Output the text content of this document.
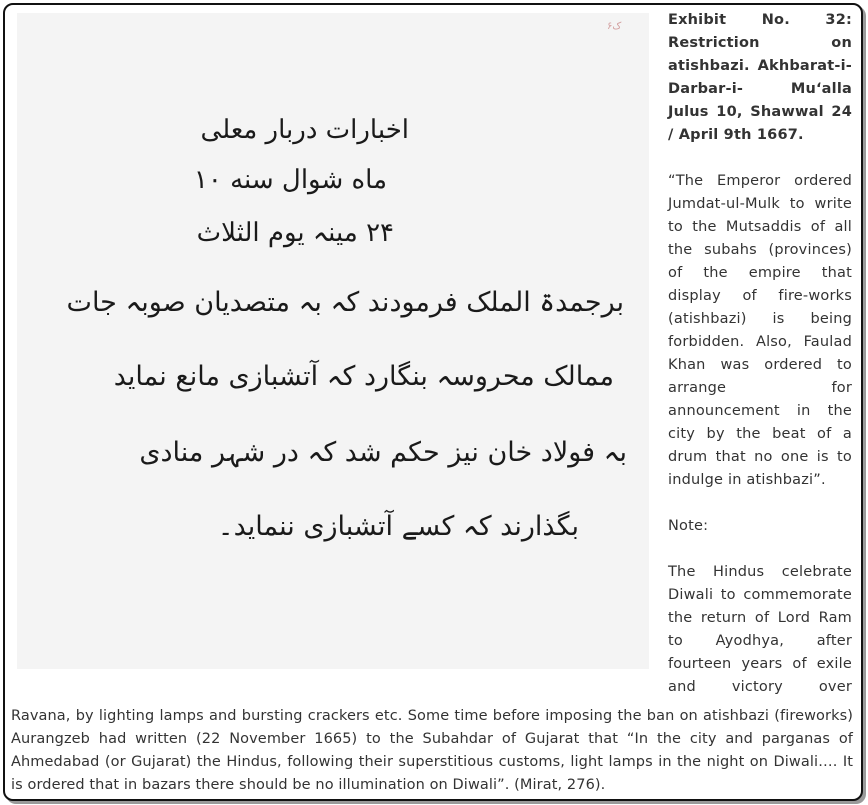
ک۶
اخبارات دربار معلی
ماه شوال سنه ۱۰
۲۴ مینہ یوم الثلاث
برجمدۃ الملک فرمودند کہ بہ متصدیان صوبہ جات
ممالک محروسہ بنگارد کہ آتشبازی مانع نماید
بہ فولاد خان نیز حکم شد کہ در شہر منادی
بگذارند کہ کسے آتشبازی ننماید۔

Exhibit No. 32: Restriction on atishbazi. Akhbarat-i-Darbar-i- Mu‘alla Julus 10, Shawwal 24 / April 9th 1667.

“The Emperor ordered Jumdat-ul-Mulk to write to the Mutsaddis of all the subahs (provinces) of the empire that display of fire-works (atishbazi) is being forbidden. Also, Faulad Khan was ordered to arrange for announcement in the city by the beat of a drum that no one is to indulge in atishbazi”.

Note:

The Hindus celebrate Diwali to commemorate the return of Lord Ram to Ayodhya, after fourteen years of exile and victory over

Ravana, by lighting lamps and bursting crackers etc. Some time before imposing the ban on atishbazi (fireworks) Aurangzeb had written (22 November 1665) to the Subahdar of Gujarat that “In the city and parganas of Ahmedabad (or Gujarat) the Hindus, following their superstitious customs, light lamps in the night on Diwali…. It is ordered that in bazars there should be no illumination on Diwali”. (Mirat, 276).
